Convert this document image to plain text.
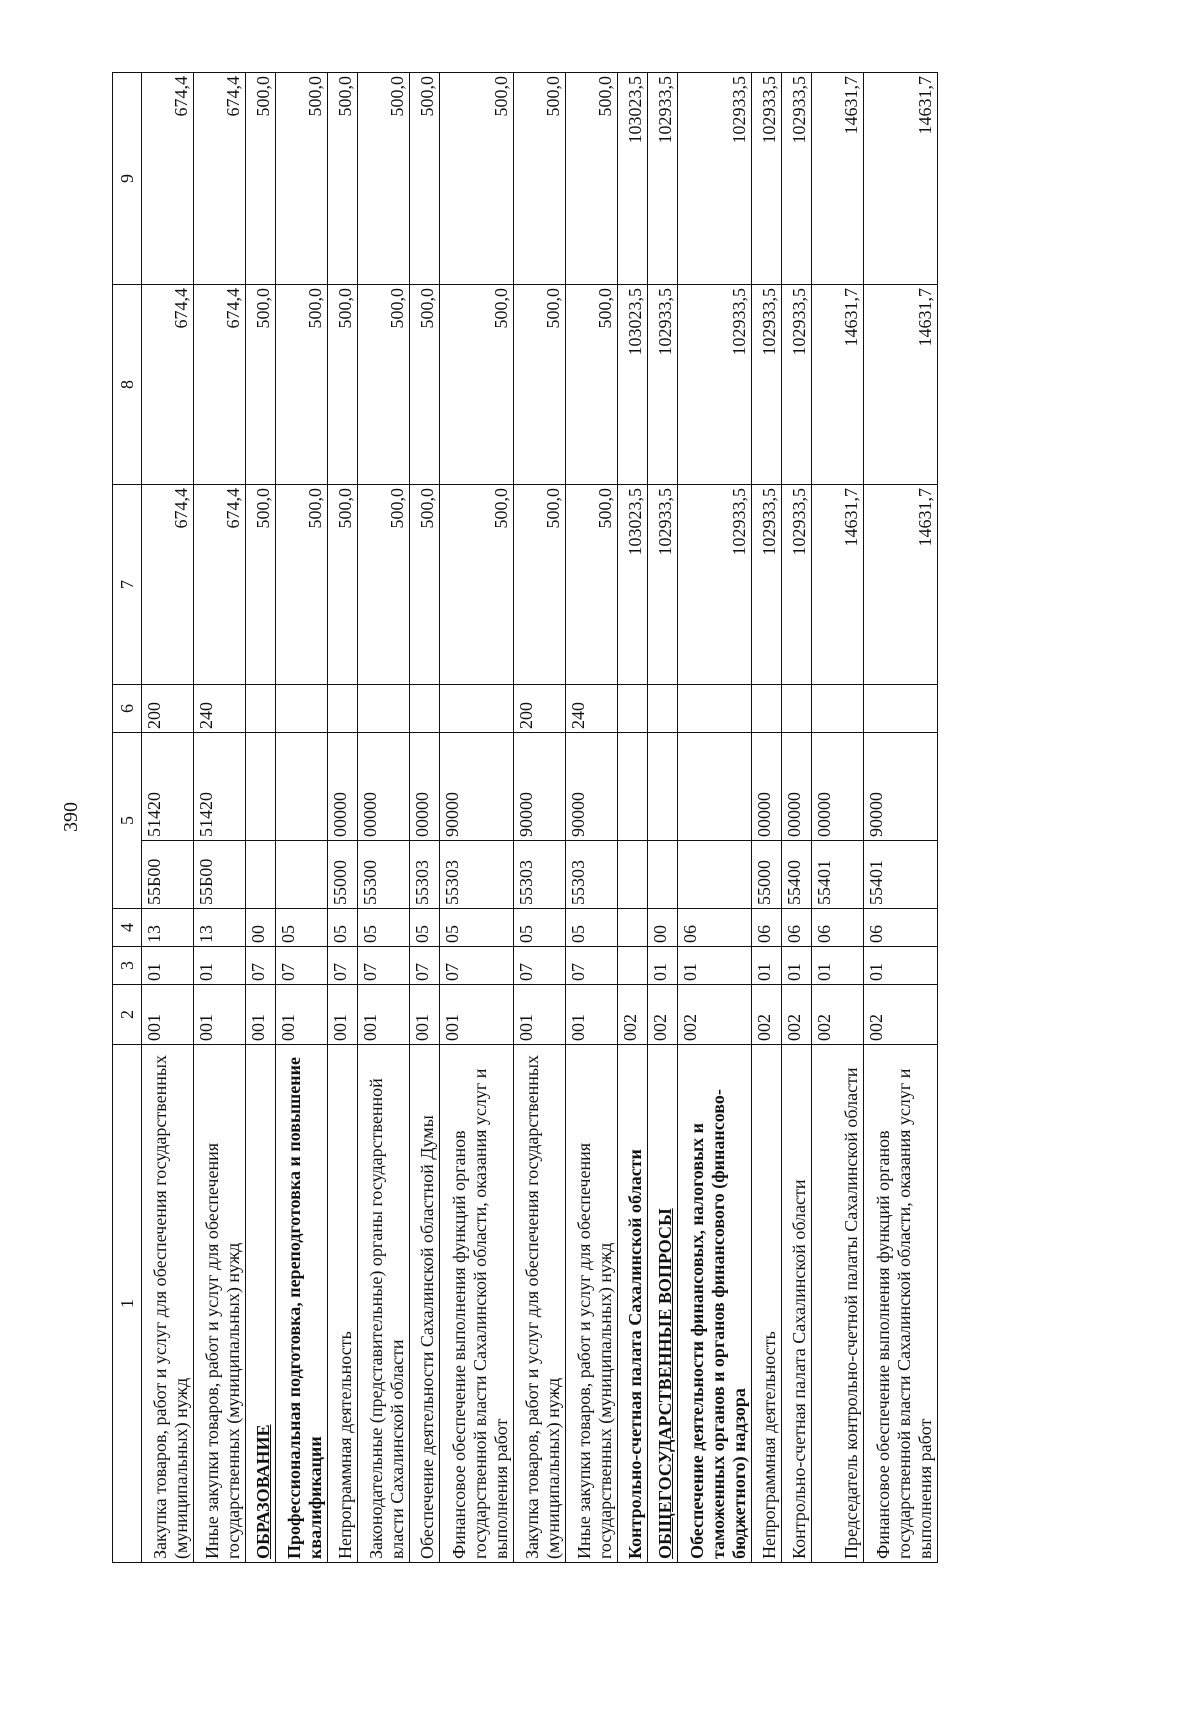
390
1	2	3	4	5		6	7	8	9
Закупка товаров, работ и услуг для обеспечения государственных (муниципальных) нужд	001	01	13	55Б00	51420	200	674,4	674,4	674,4
Иные закупки товаров, работ и услуг для обеспечения государственных (муниципальных) нужд	001	01	13	55Б00	51420	240	674,4	674,4	674,4
ОБРАЗОВАНИЕ	001	07	00				500,0	500,0	500,0
Профессиональная подготовка, переподготовка и повышение квалификации	001	07	05				500,0	500,0	500,0
Непрограммная деятельность	001	07	05	55000	00000		500,0	500,0	500,0
Законодательные (представительные) органы государственной власти Сахалинской области	001	07	05	55300	00000		500,0	500,0	500,0
Обеспечение деятельности Сахалинской областной Думы	001	07	05	55303	00000		500,0	500,0	500,0
Финансовое обеспечение выполнения функций органов государственной власти Сахалинской области, оказания услуг и выполнения работ	001	07	05	55303	90000		500,0	500,0	500,0
Закупка товаров, работ и услуг для обеспечения государственных (муниципальных) нужд	001	07	05	55303	90000	200	500,0	500,0	500,0
Иные закупки товаров, работ и услуг для обеспечения государственных (муниципальных) нужд	001	07	05	55303	90000	240	500,0	500,0	500,0
Контрольно-счетная палата Сахалинской области	002						103023,5	103023,5	103023,5
ОБЩЕГОСУДАРСТВЕННЫЕ ВОПРОСЫ	002	01	00				102933,5	102933,5	102933,5
Обеспечение деятельности финансовых, налоговых и таможенных органов и органов финансового (финансово-бюджетного) надзора	002	01	06				102933,5	102933,5	102933,5
Непрограммная деятельность	002	01	06	55000	00000		102933,5	102933,5	102933,5
Контрольно-счетная палата Сахалинской области	002	01	06	55400	00000		102933,5	102933,5	102933,5
Председатель контрольно-счетной палаты Сахалинской области	002	01	06	55401	00000		14631,7	14631,7	14631,7
Финансовое обеспечение выполнения функций органов государственной власти Сахалинской области, оказания услуг и выполнения работ	002	01	06	55401	90000		14631,7	14631,7	14631,7
